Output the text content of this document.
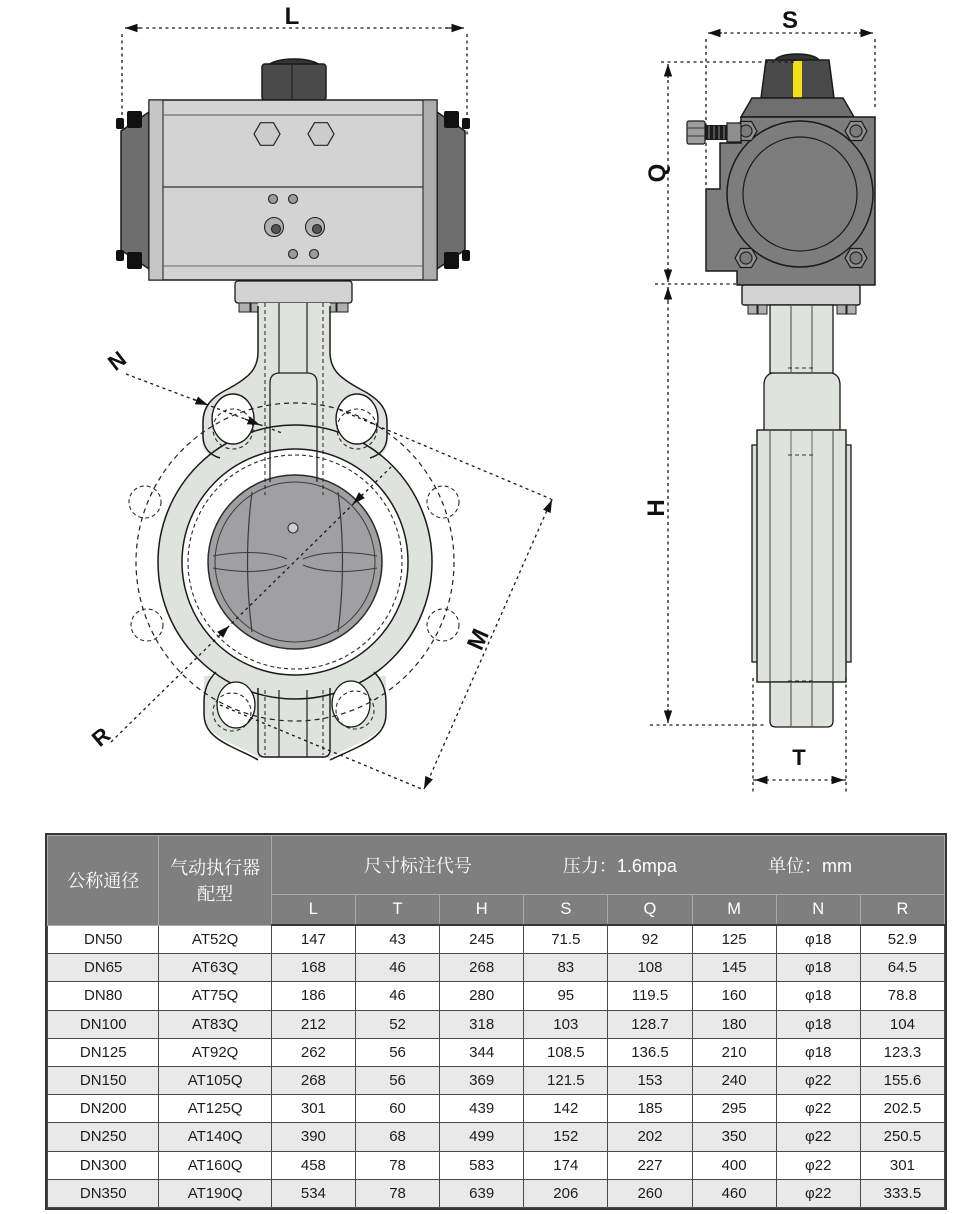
L	S
Q
H
T
N
M
R
公称通径	气动执行器 配型	尺寸标注代号 压力：1.6mpa 单位：mm							

		L	T	H	S	Q	M	N	R
DN50	AT52Q	147	43	245	71.5	92	125	φ18	52.9
DN65	AT63Q	168	46	268	83	108	145	φ18	64.5
DN80	AT75Q	186	46	280	95	119.5	160	φ18	78.8
DN100	AT83Q	212	52	318	103	128.7	180	φ18	104
DN125	AT92Q	262	56	344	108.5	136.5	210	φ18	123.3
DN150	AT105Q	268	56	369	121.5	153	240	φ22	155.6
DN200	AT125Q	301	60	439	142	185	295	φ22	202.5
DN250	AT140Q	390	68	499	152	202	350	φ22	250.5
DN300	AT160Q	458	78	583	174	227	400	φ22	301
DN350	AT190Q	534	78	639	206	260	460	φ22	333.5
